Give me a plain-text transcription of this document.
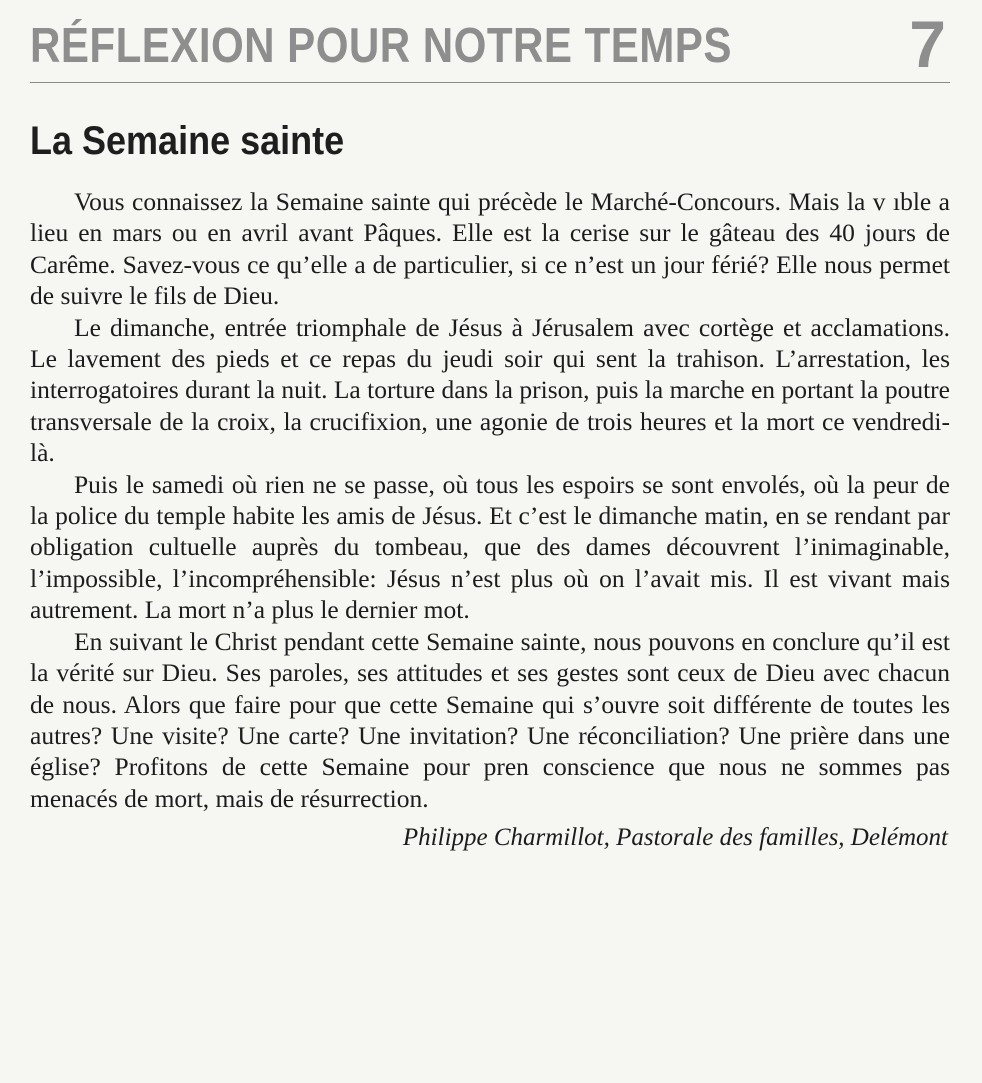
RÉFLEXION POUR NOTRE TEMPS	7
La Semaine sainte

Vous connaissez la Semaine sainte qui précède le Marché-Concours. Mais la v ıble a lieu en mars ou en avril avant Pâques. Elle est la cerise sur le gâteau des 40 jours de Carême. Savez-vous ce qu’elle a de particulier, si ce n’est un jour férié? Elle nous permet de suivre le fils de Dieu.

Le dimanche, entrée triomphale de Jésus à Jérusalem avec cortège et acclamations. Le lavement des pieds et ce repas du jeudi soir qui sent la trahison. L’arrestation, les interrogatoires durant la nuit. La torture dans la prison, puis la marche en portant la poutre transversale de la croix, la crucifixion, une agonie de trois heures et la mort ce vendredi-là.

Puis le samedi où rien ne se passe, où tous les espoirs se sont envolés, où la peur de la police du temple habite les amis de Jésus. Et c’est le dimanche matin, en se rendant par obligation cultuelle auprès du tombeau, que des dames découvrent l’inimaginable, l’impossible, l’incompréhensible: Jésus n’est plus où on l’avait mis. Il est vivant mais autrement. La mort n’a plus le dernier mot.

En suivant le Christ pendant cette Semaine sainte, nous pouvons en conclure qu’il est la vérité sur Dieu. Ses paroles, ses attitudes et ses gestes sont ceux de Dieu avec chacun de nous. Alors que faire pour que cette Semaine qui s’ouvre soit différente de toutes les autres? Une visite? Une carte? Une invitation? Une réconciliation? Une prière dans une église? Profitons de cette Semaine pour pren conscience que nous ne sommes pas menacés de mort, mais de résurrection.

Philippe Charmillot, Pastorale des familles, Delémont
